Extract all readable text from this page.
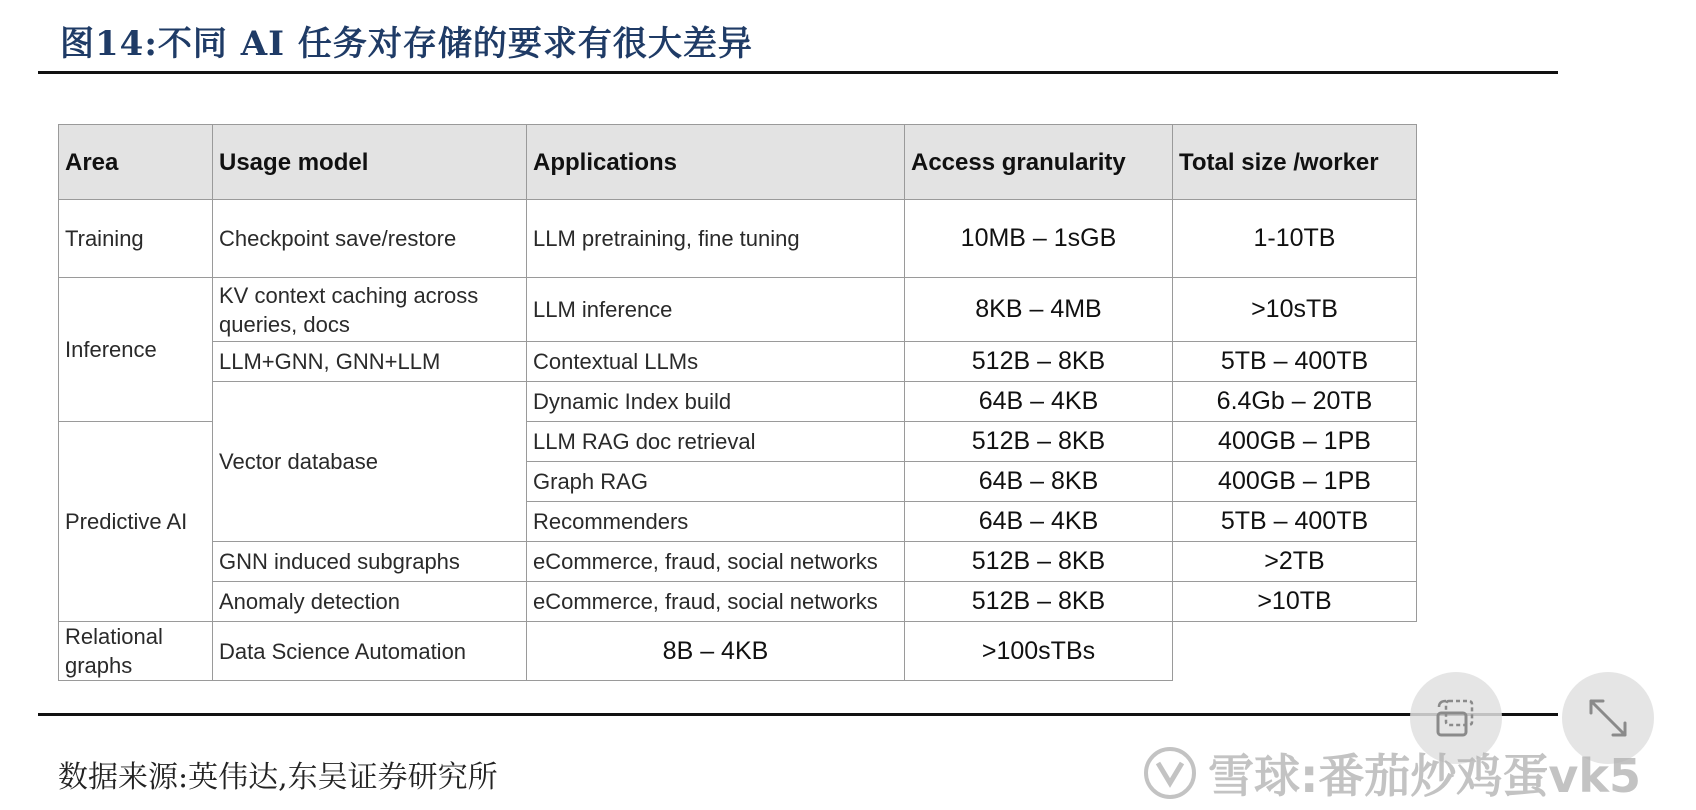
图14:不同 AI 任务对存储的要求有很大差异
Area	Usage model	Applications	Access granularity	Total size /worker
Training	Checkpoint save/restore	LLM pretraining, fine tuning	10MB – 1sGB	1-10TB
Inference	KV context caching across queries, docs	LLM inference	8KB – 4MB	>10sTB
	LLM+GNN, GNN+LLM	Contextual LLMs	512B – 8KB	5TB – 400TB
	Vector database	Dynamic Index build	64B – 4KB	6.4Gb – 20TB
Predictive AI		LLM RAG doc retrieval	512B – 8KB	400GB – 1PB
		Graph RAG	64B – 8KB	400GB – 1PB
		Recommenders	64B – 4KB	5TB – 400TB
	GNN induced subgraphs	eCommerce, fraud, social networks	512B – 8KB	>2TB
	Anomaly detection	eCommerce, fraud, social networks	512B – 8KB	>10TB
Relational graphs	Data Science Automation	8B – 4KB	>100sTBs	
数据来源:英伟达,东吴证券研究所	雪球:番茄炒鸡蛋vk5
